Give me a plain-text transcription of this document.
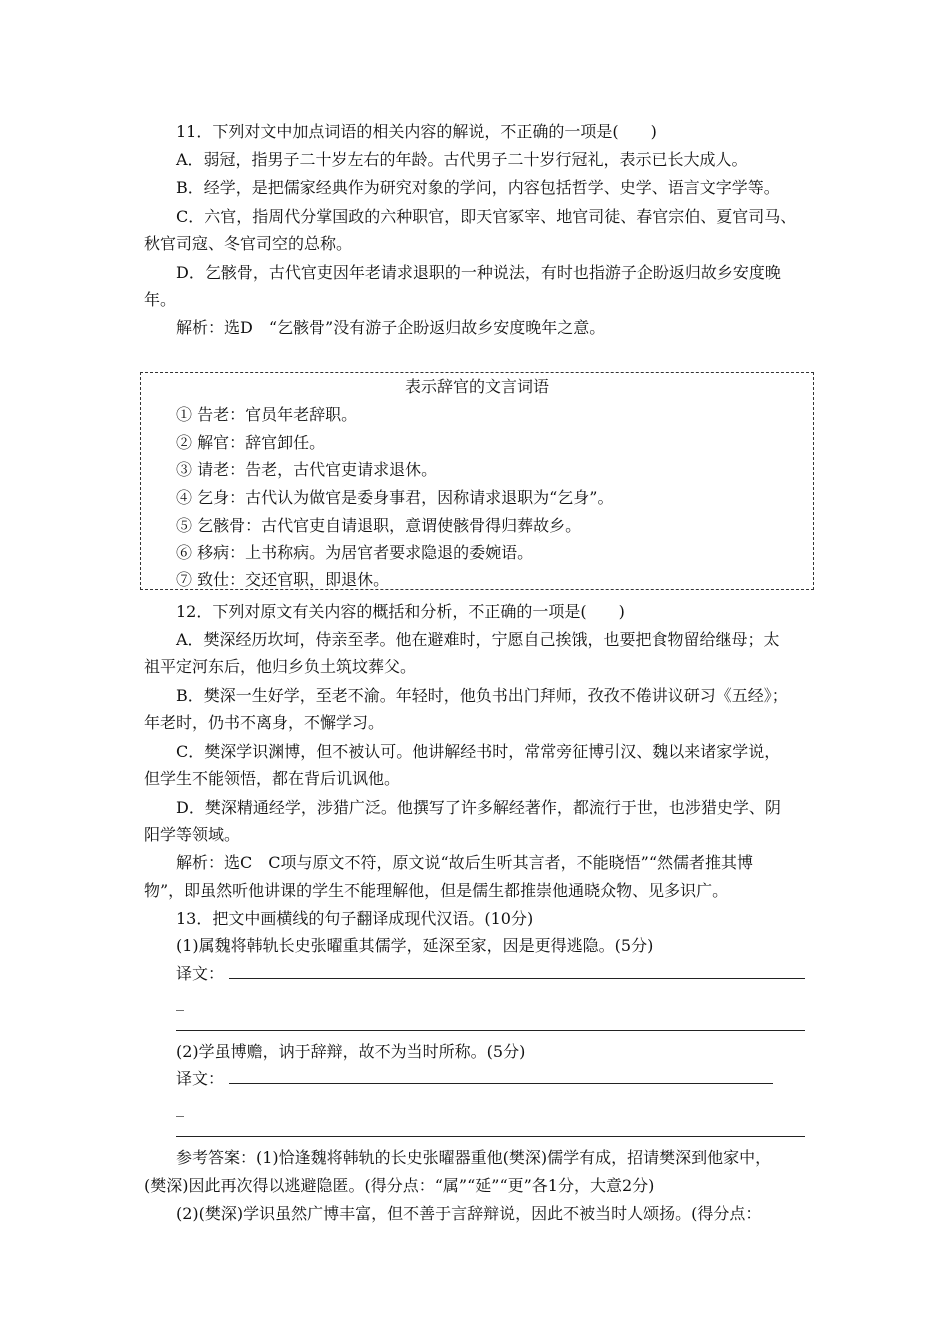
11．下列对文中加点词语的相关内容的解说，不正确的一项是(　　)
A．弱冠，指男子二十岁左右的年龄。古代男子二十岁行冠礼，表示已长大成人。
B．经学，是把儒家经典作为研究对象的学问，内容包括哲学、史学、语言文字学等。
C．六官，指周代分掌国政的六种职官，即天官冢宰、地官司徒、春官宗伯、夏官司马、
秋官司寇、冬官司空的总称。
D．乞骸骨，古代官吏因年老请求退职的一种说法，有时也指游子企盼返归故乡安度晚
年。
解析：选D　“乞骸骨”没有游子企盼返归故乡安度晚年之意。
表示辞官的文言词语
① 告老：官员年老辞职。
② 解官：辞官卸任。
③ 请老：告老，古代官吏请求退休。
④ 乞身：古代认为做官是委身事君，因称请求退职为“乞身”。
⑤ 乞骸骨：古代官吏自请退职，意谓使骸骨得归葬故乡。
⑥ 移病：上书称病。为居官者要求隐退的委婉语。
⑦ 致仕：交还官职，即退休。
12．下列对原文有关内容的概括和分析，不正确的一项是(　　)
A．樊深经历坎坷，侍亲至孝。他在避难时，宁愿自己挨饿，也要把食物留给继母；太
祖平定河东后，他归乡负土筑坟葬父。
B．樊深一生好学，至老不渝。年轻时，他负书出门拜师，孜孜不倦讲议研习《五经》；
年老时，仍书不离身，不懈学习。
C．樊深学识渊博，但不被认可。他讲解经书时，常常旁征博引汉、魏以来诸家学说，
但学生不能领悟，都在背后讥讽他。
D．樊深精通经学，涉猎广泛。他撰写了许多解经著作，都流行于世，也涉猎史学、阴
阳学等领域。
解析：选C　C项与原文不符，原文说“故后生听其言者，不能晓悟”“然儒者推其博
物”，即虽然听他讲课的学生不能理解他，但是儒生都推崇他通晓众物、见多识广。
13．把文中画横线的句子翻译成现代汉语。(10分)
(1)属魏将韩轨长史张曜重其儒学，延深至家，因是更得逃隐。(5分)
译文：
_
(2)学虽博赡，讷于辞辩，故不为当时所称。(5分)
译文：
_
参考答案：(1)恰逢魏将韩轨的长史张曜器重他(樊深)儒学有成，招请樊深到他家中，
(樊深)因此再次得以逃避隐匿。(得分点：“属”“延”“更”各1分，大意2分)
(2)(樊深)学识虽然广博丰富，但不善于言辞辩说，因此不被当时人颂扬。(得分点：
